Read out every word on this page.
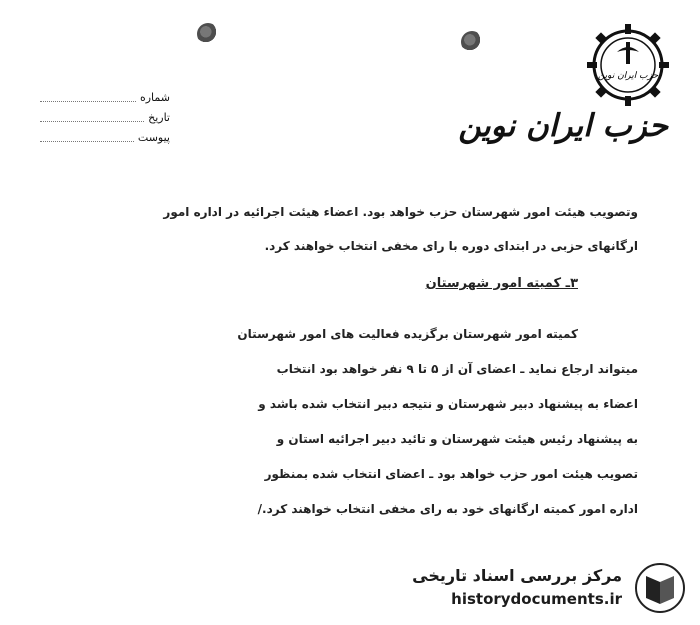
حزب ایران نوین
حزب ایران نوین
شماره
تاریخ
پیوست
وتصویب هیئت امور شهرستان حزب خواهد بود. اعضاء هیئت اجرائیه در اداره امور
ارگانهای حزبی در ابتدای دوره با رای مخفی انتخاب خواهند کرد.
۳ـ کمیته امور شهرستان
کمیته امور شهرستان برگزیده فعالیت های امور شهرستان
میتواند ارجاع نماید ـ اعضای آن از ۵ تا ۹ نفر خواهد بود انتخاب
اعضاء به پیشنهاد دبیر شهرستان و نتیجه دبیر انتخاب شده باشد و
به پیشنهاد رئیس هیئت شهرستان و تائید دبیر اجرائیه استان و
تصویب هیئت امور حزب خواهد بود ـ اعضای انتخاب شده بمنظور
اداره امور کمیته ارگانهای خود به رای مخفی انتخاب خواهند کرد./
مرکز بررسی اسناد تاریخی
historydocuments.ir
